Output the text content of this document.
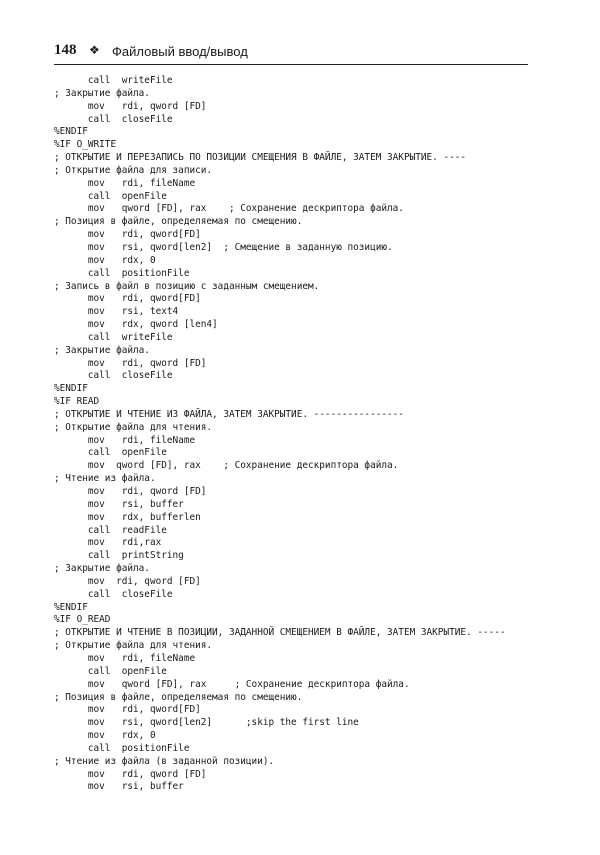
148 ❖ Файловый ввод/вывод
call  writeFile
; Закрытие файла.
mov   rdi, qword [FD]
call  closeFile
%ENDIF
%IF O_WRITE
; ОТКРЫТИЕ И ПЕРЕЗАПИСЬ ПО ПОЗИЦИИ СМЕЩЕНИЯ В ФАЙЛЕ, ЗАТЕМ ЗАКРЫТИЕ. ----
; Открытие файла для записи.
mov   rdi, fileName
call  openFile
mov   qword [FD], rax    ; Сохранение дескриптора файла.
; Позиция в файле, определяемая по смещению.
mov   rdi, qword[FD]
mov   rsi, qword[len2]  ; Смещение в заданную позицию.
mov   rdx, 0
call  positionFile
; Запись в файл в позицию с заданным смещением.
mov   rdi, qword[FD]
mov   rsi, text4
mov   rdx, qword [len4]
call  writeFile
; Закрытие файла.
mov   rdi, qword [FD]
call  closeFile
%ENDIF
%IF READ
; ОТКРЫТИЕ И ЧТЕНИЕ ИЗ ФАЙЛА, ЗАТЕМ ЗАКРЫТИЕ. ----------------
; Открытие файла для чтения.
mov   rdi, fileName
call  openFile
mov  qword [FD], rax    ; Сохранение дескриптора файла.
; Чтение из файла.
mov   rdi, qword [FD]
mov   rsi, buffer
mov   rdx, bufferlen
call  readFile
mov   rdi,rax
call  printString
; Закрытие файла.
mov  rdi, qword [FD]
call  closeFile
%ENDIF
%IF O_READ
; ОТКРЫТИЕ И ЧТЕНИЕ В ПОЗИЦИИ, ЗАДАННОЙ СМЕЩЕНИЕМ В ФАЙЛЕ, ЗАТЕМ ЗАКРЫТИЕ. -----
; Открытие файла для чтения.
mov   rdi, fileName
call  openFile
mov   qword [FD], rax     ; Сохранение дескриптора файла.
; Позиция в файле, определяемая по смещению.
mov   rdi, qword[FD]
mov   rsi, qword[len2]      ;skip the first line
mov   rdx, 0
call  positionFile
; Чтение из файла (в заданной позиции).
mov   rdi, qword [FD]
mov   rsi, buffer
